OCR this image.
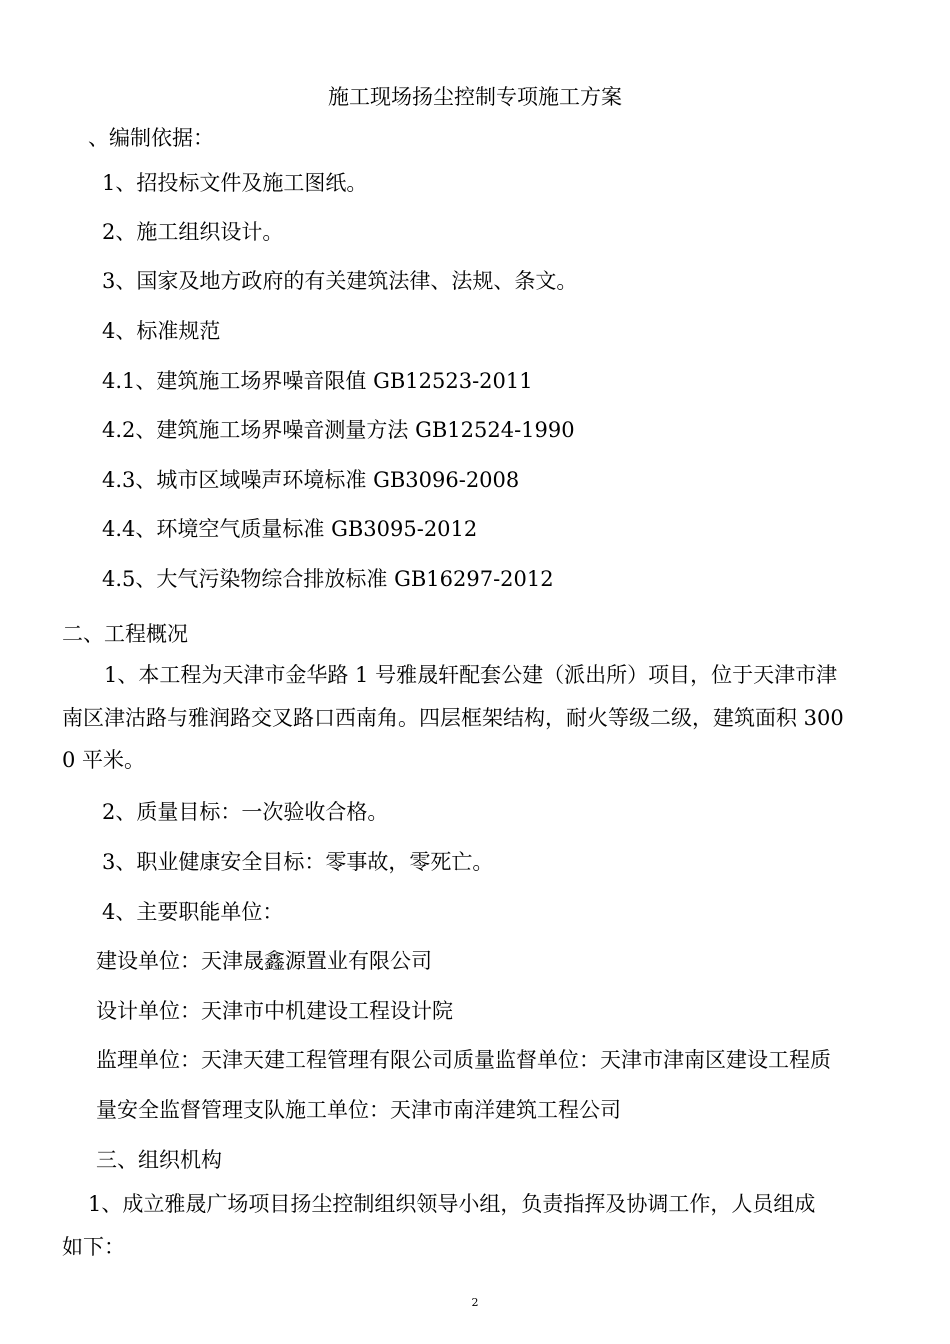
施工现场扬尘控制专项施工方案
、编制依据：
1、招投标文件及施工图纸。
2、施工组织设计。
3、国家及地方政府的有关建筑法律、法规、条文。
4、标准规范
4.1、建筑施工场界噪音限值 GB12523-2011
4.2、建筑施工场界噪音测量方法 GB12524-1990
4.3、城市区域噪声环境标准 GB3096-2008
4.4、环境空气质量标准 GB3095-2012
4.5、大气污染物综合排放标准 GB16297-2012
二、工程概况
1、本工程为天津市金华路 1 号雅晟轩配套公建（派出所）项目，位于天津市津
南区津沽路与雅润路交叉路口西南角。四层框架结构，耐火等级二级，建筑面积 300
0 平米。
2、质量目标：一次验收合格。
3、职业健康安全目标：零事故，零死亡。
4、主要职能单位：
建设单位：天津晟鑫源置业有限公司
设计单位：天津市中机建设工程设计院
监理单位：天津天建工程管理有限公司质量监督单位：天津市津南区建设工程质
量安全监督管理支队施工单位：天津市南洋建筑工程公司
三、组织机构
1、成立雅晟广场项目扬尘控制组织领导小组，负责指挥及协调工作，人员组成
如下：
2
